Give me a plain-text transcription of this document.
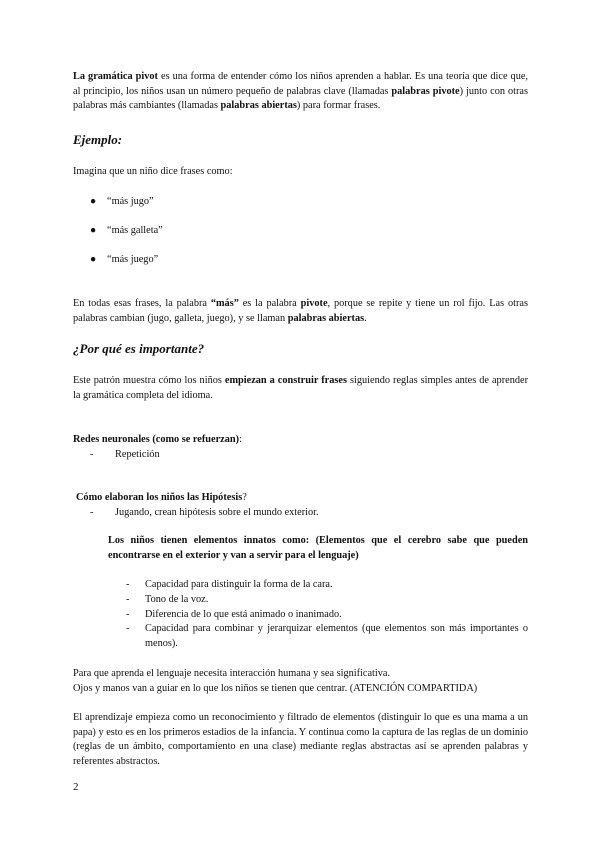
La gramática pivot es una forma de entender cómo los niños aprenden a hablar. Es una teoría que dice que, al principio, los niños usan un número pequeño de palabras clave (llamadas palabras pivote) junto con otras palabras más cambiantes (llamadas palabras abiertas) para formar frases.

Ejemplo:

Imagina que un niño dice frases como:

● “más jugo”

● “más galleta”

● “más juego”

En todas esas frases, la palabra “más” es la palabra pivote, porque se repite y tiene un rol fijo. Las otras palabras cambian (jugo, galleta, juego), y se llaman palabras abiertas.

¿Por qué es importante?

Este patrón muestra cómo los niños empiezan a construir frases siguiendo reglas simples antes de aprender la gramática completa del idioma.

Redes neuronales (como se refuerzan):

- Repetición

Cómo elaboran los niños las Hipótesis?

- Jugando, crean hipótesis sobre el mundo exterior.

Los niños tienen elementos innatos como: (Elementos que el cerebro sabe que pueden encontrarse en el exterior y van a servir para el lenguaje)

- Capacidad para distinguir la forma de la cara.

- Tono de la voz.

- Diferencia de lo que está animado o inanimado.

-	Capacidad para combinar y jerarquizar elementos (que elementos son más importantes o menos).

Para que aprenda el lenguaje necesita interacción humana y sea significativa.

Ojos y manos van a guiar en lo que los niños se tienen que centrar. (ATENCIÓN COMPARTIDA)

El aprendizaje empieza como un reconocimiento y filtrado de elementos (distinguir lo que es una mama a un papa) y esto es en los primeros estadios de la infancia. Y continua como la captura de las reglas de un dominio (reglas de un ámbito, comportamiento en una clase) mediante reglas abstractas así se aprenden palabras y referentes abstractos.

2
